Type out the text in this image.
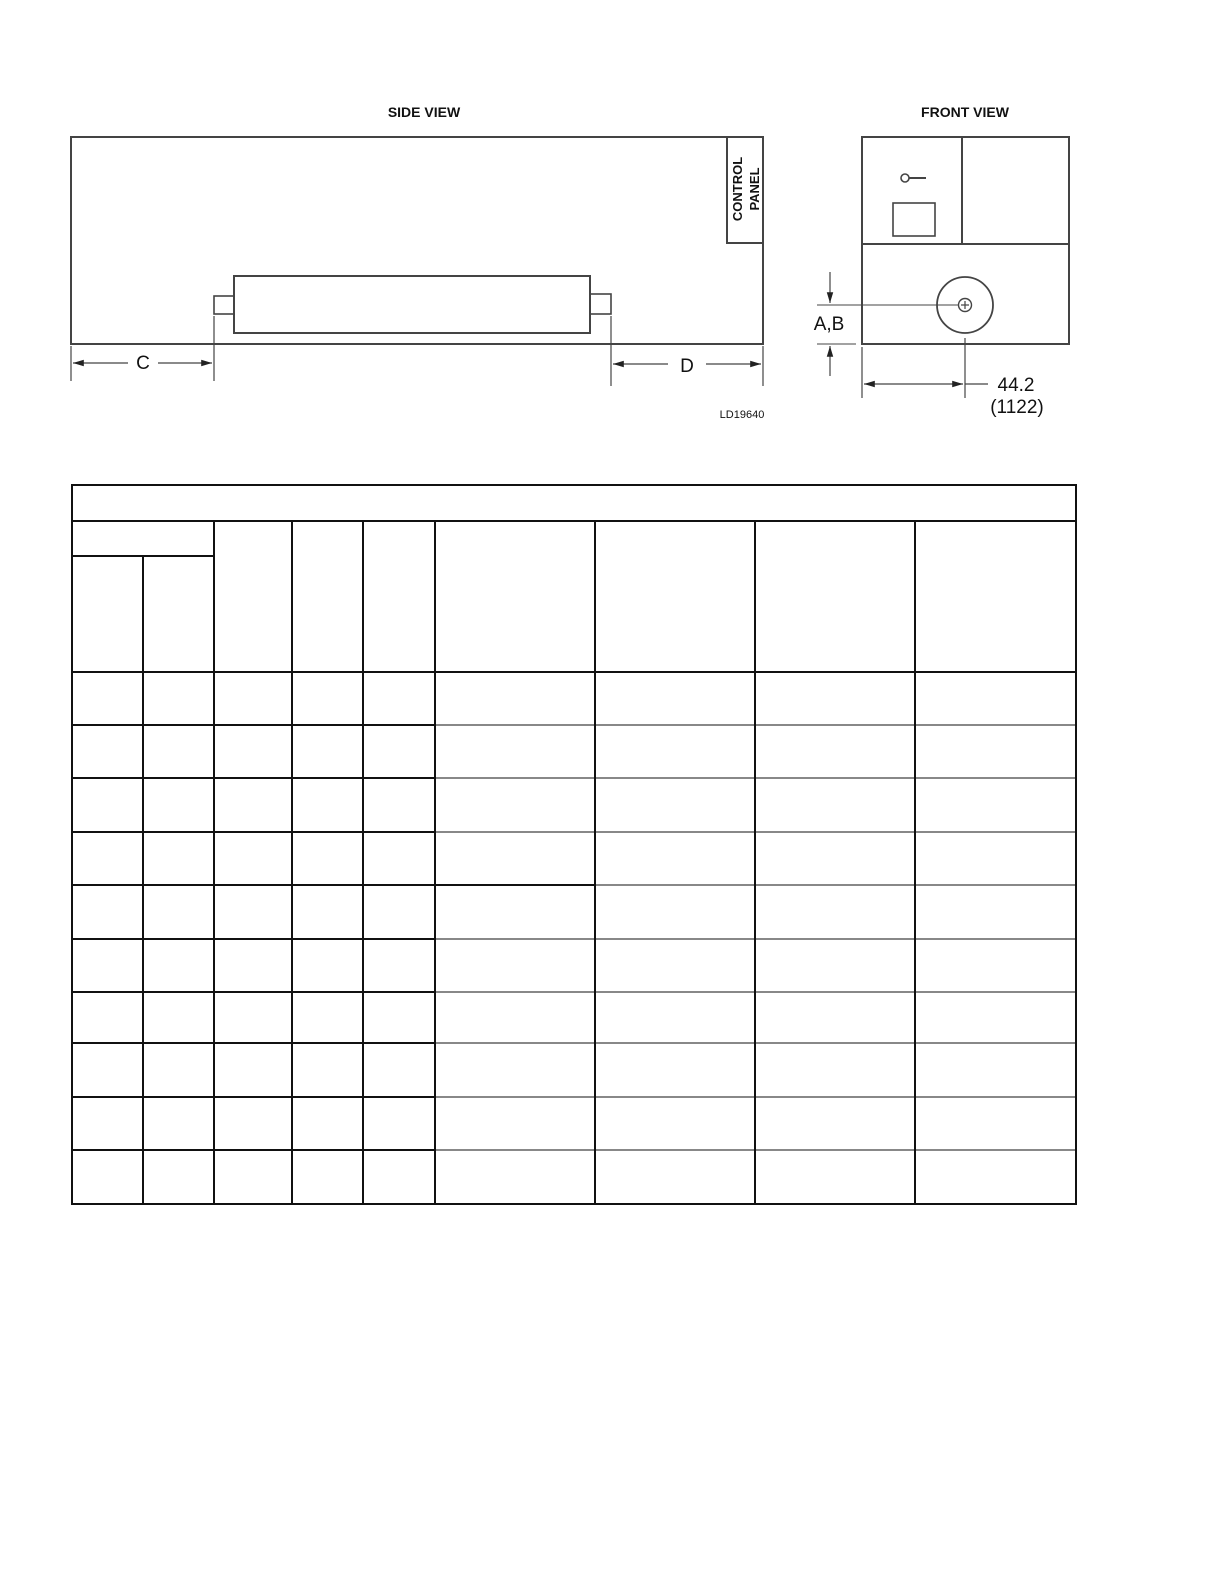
SIDE VIEW
CONTROL PANEL
C	D
LD19640
FRONT VIEW
A,B
44.2
(1122)
